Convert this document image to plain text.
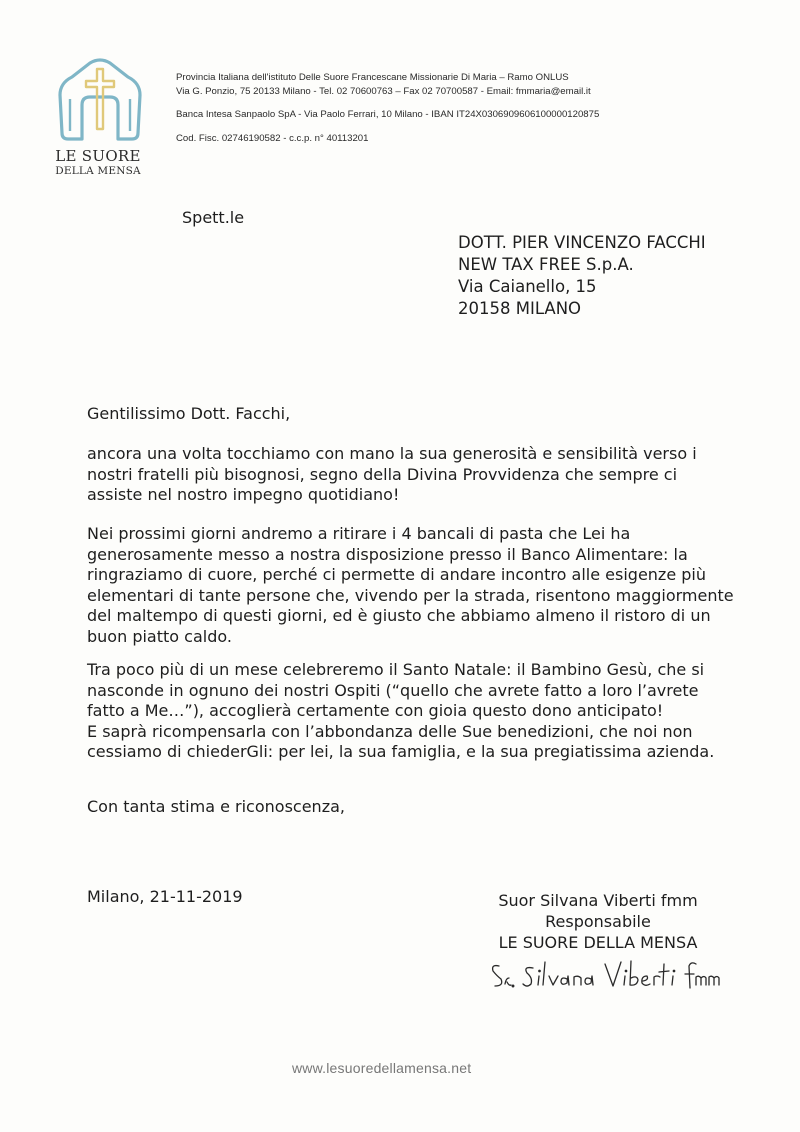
LE SUORE
DELLA MENSA
Provincia Italiana dell'istituto Delle Suore Francescane Missionarie Di Maria – Ramo ONLUS
Via G. Ponzio, 75 20133 Milano - Tel. 02 70600763 – Fax 02 70700587 - Email: fmmaria@email.it
Banca Intesa Sanpaolo SpA - Via Paolo Ferrari, 10 Milano - IBAN IT24X0306909606100000120875
Cod. Fisc. 02746190582 - c.c.p. n° 40113201
Spett.le
DOTT. PIER VINCENZO FACCHI
NEW TAX FREE S.p.A.
Via Caianello, 15
20158 MILANO
Gentilissimo Dott. Facchi,
ancora una volta tocchiamo con mano la sua generosità e sensibilità verso i
nostri fratelli più bisognosi, segno della Divina Provvidenza che sempre ci
assiste nel nostro impegno quotidiano!
Nei prossimi giorni andremo a ritirare i 4 bancali di pasta che Lei ha
generosamente messo a nostra disposizione presso il Banco Alimentare: la
ringraziamo di cuore, perché ci permette di andare incontro alle esigenze più
elementari di tante persone che, vivendo per la strada, risentono maggiormente
del maltempo di questi giorni, ed è giusto che abbiamo almeno il ristoro di un
buon piatto caldo.
Tra poco più di un mese celebreremo il Santo Natale: il Bambino Gesù, che si
nasconde in ognuno dei nostri Ospiti (“quello che avrete fatto a loro l’avrete
fatto a Me…”), accoglierà certamente con gioia questo dono anticipato!
E saprà ricompensarla con l’abbondanza delle Sue benedizioni, che noi non
cessiamo di chiederGli: per lei, la sua famiglia, e la sua pregiatissima azienda.
Con tanta stima e riconoscenza,
Milano, 21-11-2019	Suor Silvana Viberti fmm
Responsabile
LE SUORE DELLA MENSA
www.lesuoredellamensa.net
